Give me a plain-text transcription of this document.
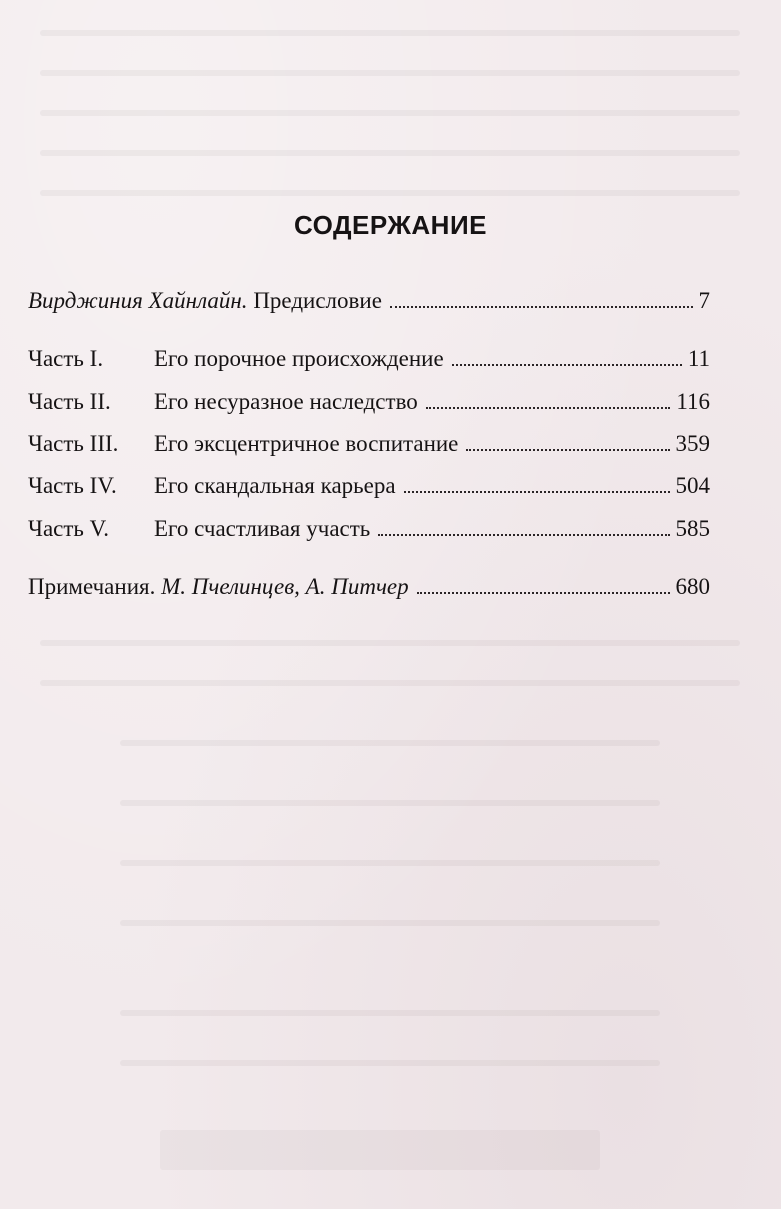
СОДЕРЖАНИЕ
Вирджиния Хайнлайн. Предисловие	7
Часть I.	Его порочное происхождение	11
Часть II.	Его несуразное наследство	116
Часть III.	Его эксцентричное воспитание	359
Часть IV.	Его скандальная карьера	504
Часть V.	Его счастливая участь	585
Примечания. М. Пчелинцев, А. Питчер	680
